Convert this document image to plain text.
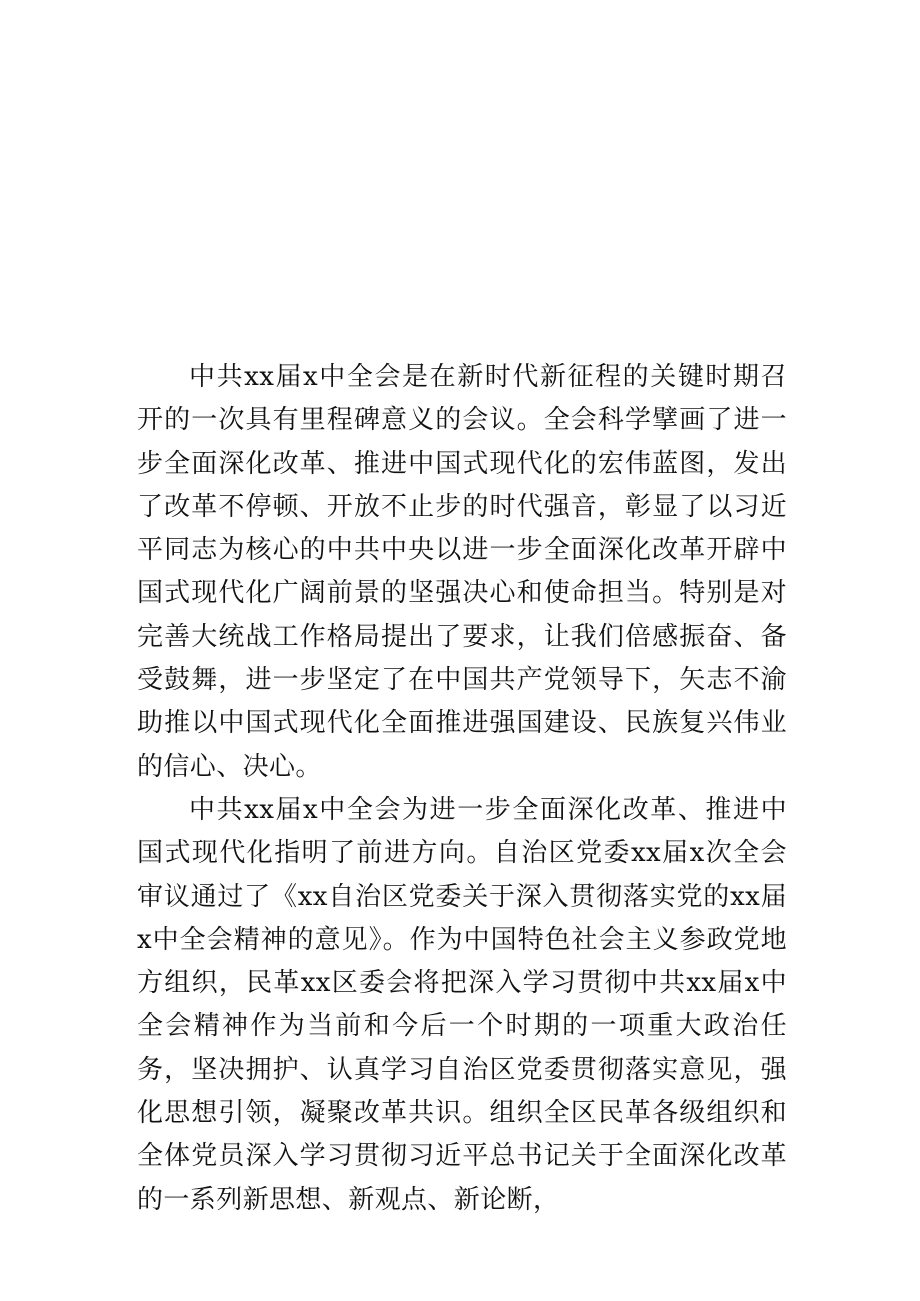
中共xx届x中全会是在新时代新征程的关键时期召开的一次具有里程碑意义的会议。全会科学擘画了进一步全面深化改革、推进中国式现代化的宏伟蓝图，发出了改革不停顿、开放不止步的时代强音，彰显了以习近平同志为核心的中共中央以进一步全面深化改革开辟中国式现代化广阔前景的坚强决心和使命担当。特别是对完善大统战工作格局提出了要求，让我们倍感振奋、备受鼓舞，进一步坚定了在中国共产党领导下，矢志不渝助推以中国式现代化全面推进强国建设、民族复兴伟业的信心、决心。

中共xx届x中全会为进一步全面深化改革、推进中国式现代化指明了前进方向。自治区党委xx届x次全会审议通过了《xx自治区党委关于深入贯彻落实党的xx届x中全会精神的意见》。作为中国特色社会主义参政党地方组织，民革xx区委会将把深入学习贯彻中共xx届x中全会精神作为当前和今后一个时期的一项重大政治任务，坚决拥护、认真学习自治区党委贯彻落实意见，强化思想引领，凝聚改革共识。组织全区民革各级组织和全体党员深入学习贯彻习近平总书记关于全面深化改革的一系列新思想、新观点、新论断，
